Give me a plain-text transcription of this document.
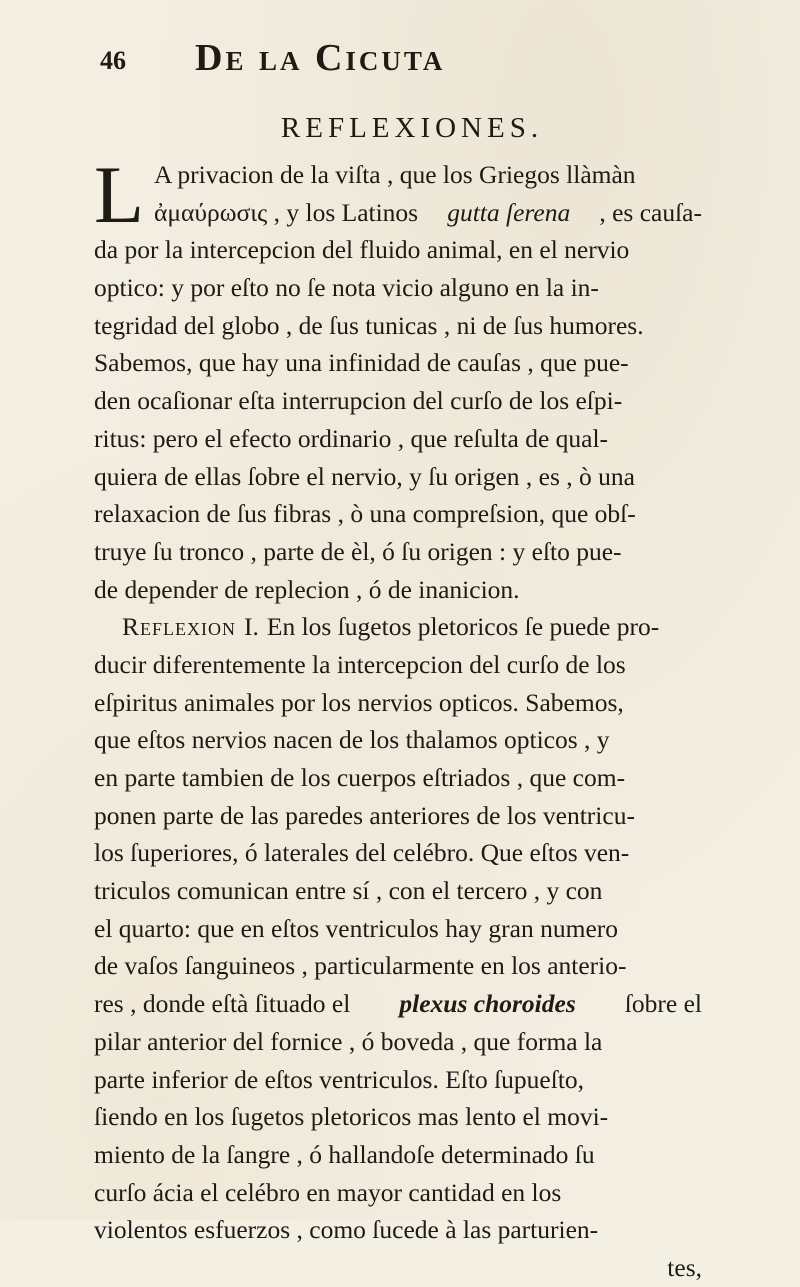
46 De la Cicuta
REFLEXIONES.
L A privacion de la viſta , que los Griegos llàmàn
ἀμαύρωσις , y los Latinos gutta ſerena , es cauſa-
da por la intercepcion del fluido animal, en el nervio
optico: y por eſto no ſe nota vicio alguno en la in-
tegridad del globo , de ſus tunicas , ni de ſus humores.
Sabemos, que hay una infinidad de cauſas , que pue-
den ocaſionar eſta interrupcion del curſo de los eſpi-
ritus: pero el efecto ordinario , que reſulta de qual-
quiera de ellas ſobre el nervio, y ſu origen , es , ò una
relaxacion de ſus fibras , ò una compreſsion, que obſ-
truye ſu tronco , parte de èl, ó ſu origen : y eſto pue-
de depender de replecion , ó de inanicion.
Reflexion I. En los ſugetos pletoricos ſe puede pro-
ducir diferentemente la intercepcion del curſo de los
eſpiritus animales por los nervios opticos. Sabemos,
que eſtos nervios nacen de los thalamos opticos , y
en parte tambien de los cuerpos eſtriados , que com-
ponen parte de las paredes anteriores de los ventricu-
los ſuperiores, ó laterales del celébro. Que eſtos ven-
triculos comunican entre sí , con el tercero , y con
el quarto: que en eſtos ventriculos hay gran numero
de vaſos ſanguineos , particularmente en los anterio-
res , donde eſtà ſituado el plexus choroides ſobre el
pilar anterior del fornice , ó boveda , que forma la
parte inferior de eſtos ventriculos. Eſto ſupueſto,
ſiendo en los ſugetos pletoricos mas lento el movi-
miento de la ſangre , ó hallandoſe determinado ſu
curſo ácia el celébro en mayor cantidad en los
violentos esfuerzos , como ſucede à las parturien-
tes,
